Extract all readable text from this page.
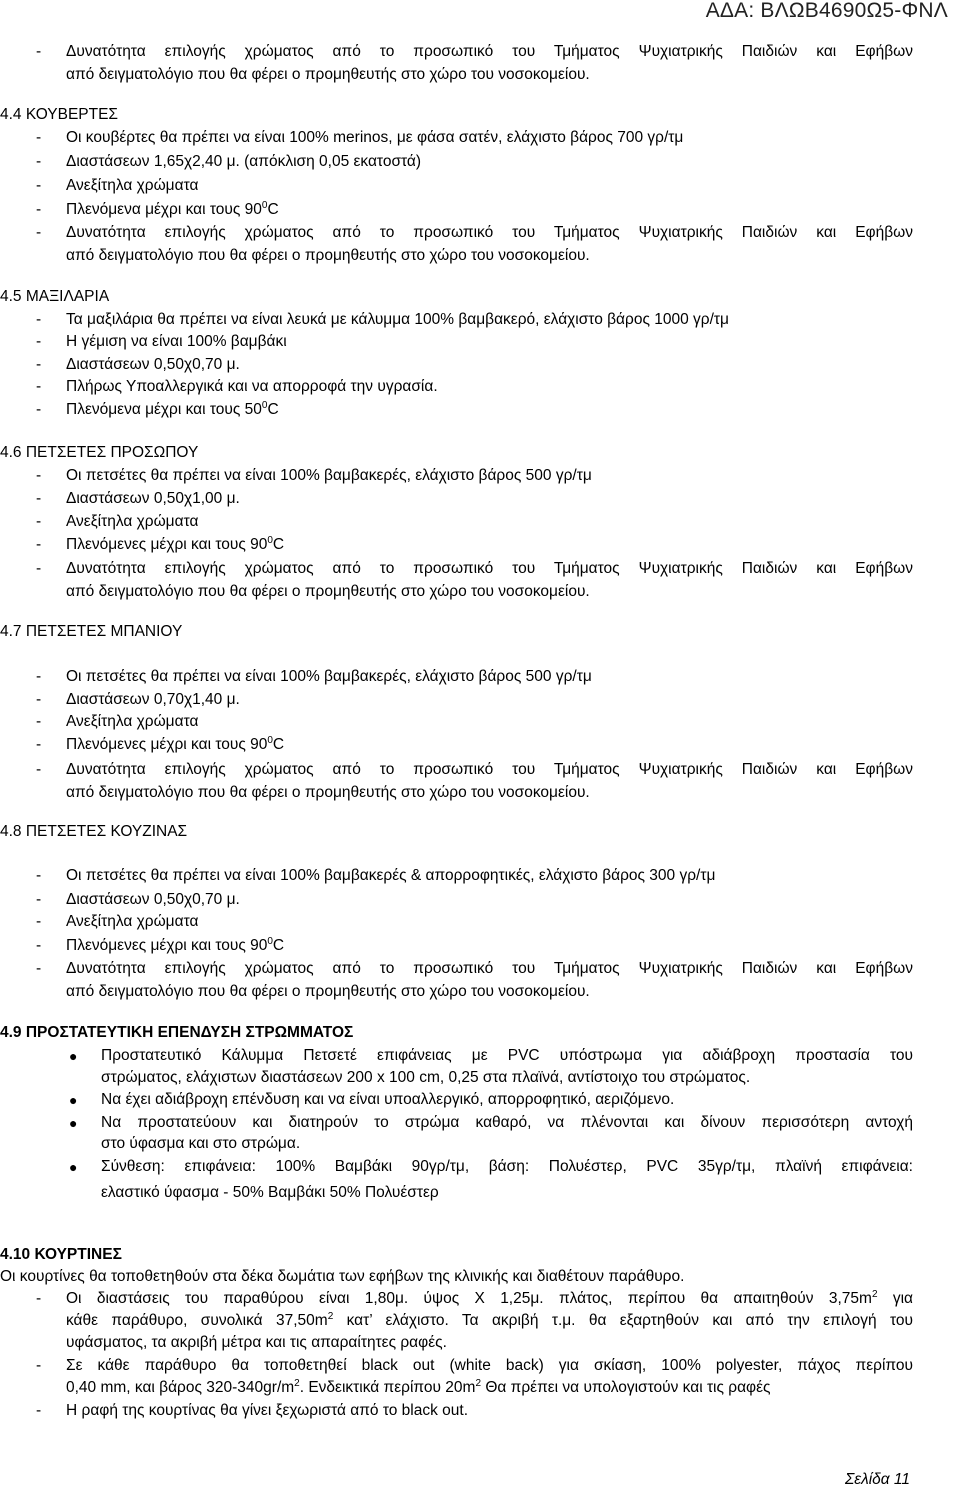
ΑΔΑ: ΒΛΩΒ4690Ω5-ΦΝΛ
- Δυνατότητα επιλογής χρώματος από το προσωπικό του Τμήματος Ψυχιατρικής Παιδιών και Εφήβων
από δειγματολόγιο που θα φέρει ο προμηθευτής στο χώρο του νοσοκομείου.
4.4 ΚΟΥΒΕΡΤΕΣ
- Οι κουβέρτες θα πρέπει να είναι 100% merinos, με φάσα σατέν, ελάχιστο βάρος 700 γρ/τμ
- Διαστάσεων 1,65χ2,40 μ. (απόκλιση 0,05 εκατοστά)
- Ανεξίτηλα χρώματα
- Πλενόμενα μέχρι και τους $90^0C$
- Δυνατότητα επιλογής χρώματος από το προσωπικό του Τμήματος Ψυχιατρικής Παιδιών και Εφήβων
από δειγματολόγιο που θα φέρει ο προμηθευτής στο χώρο του νοσοκομείου.
4.5 ΜΑΞΙΛΑΡΙΑ
- Τα μαξιλάρια θα πρέπει να είναι λευκά με κάλυμμα 100% βαμβακερό, ελάχιστο βάρος 1000 γρ/τμ
- Η γέμιση να είναι 100% βαμβάκι
- Διαστάσεων 0,50χ0,70 μ.
- Πλήρως Υποαλλεργικά και να απορροφά την υγρασία.
- Πλενόμενα μέχρι και τους $50^0C$
4.6 ΠΕΤΣΕΤΕΣ ΠΡΟΣΩΠΟΥ
- Οι πετσέτες θα πρέπει να είναι 100% βαμβακερές, ελάχιστο βάρος 500 γρ/τμ
- Διαστάσεων 0,50χ1,00 μ.
- Ανεξίτηλα χρώματα
- Πλενόμενες μέχρι και τους $90^0C$
- Δυνατότητα επιλογής χρώματος από το προσωπικό του Τμήματος Ψυχιατρικής Παιδιών και Εφήβων
από δειγματολόγιο που θα φέρει ο προμηθευτής στο χώρο του νοσοκομείου.
4.7 ΠΕΤΣΕΤΕΣ ΜΠΑΝΙΟΥ
- Οι πετσέτες θα πρέπει να είναι 100% βαμβακερές, ελάχιστο βάρος 500 γρ/τμ
- Διαστάσεων 0,70χ1,40 μ.
- Ανεξίτηλα χρώματα
- Πλενόμενες μέχρι και τους $90^0C$
- Δυνατότητα επιλογής χρώματος από το προσωπικό του Τμήματος Ψυχιατρικής Παιδιών και Εφήβων
από δειγματολόγιο που θα φέρει ο προμηθευτής στο χώρο του νοσοκομείου.
4.8 ΠΕΤΣΕΤΕΣ ΚΟΥΖΙΝΑΣ
- Οι πετσέτες θα πρέπει να είναι 100% βαμβακερές & απορροφητικές, ελάχιστο βάρος 300 γρ/τμ
- Διαστάσεων 0,50χ0,70 μ.
- Ανεξίτηλα χρώματα
- Πλενόμενες μέχρι και τους $90^0C$
- Δυνατότητα επιλογής χρώματος από το προσωπικό του Τμήματος Ψυχιατρικής Παιδιών και Εφήβων
από δειγματολόγιο που θα φέρει ο προμηθευτής στο χώρο του νοσοκομείου.
4.9 ΠΡΟΣΤΑΤΕΥΤΙΚΗ ΕΠΕΝΔΥΣΗ ΣΤΡΩΜΜΑΤΟΣ
● Προστατευτικό Κάλυμμα Πετσετέ επιφάνειας με PVC υπόστρωμα για αδιάβροχη προστασία του
στρώματος, ελάχιστων διαστάσεων 200 x 100 cm, 0,25 στα πλαϊνά, αντίστοιχο του στρώματος.
● Να έχει αδιάβροχη επένδυση και να είναι υποαλλεργικό, απορροφητικό, αεριζόμενο.
● Να προστατεύουν και διατηρούν το στρώμα καθαρό, να πλένονται και δίνουν περισσότερη αντοχή
στο ύφασμα και στο στρώμα.
● Σύνθεση: επιφάνεια: 100% Βαμβάκι 90γρ/τμ, βάση: Πολυέστερ, PVC 35γρ/τμ, πλαϊνή επιφάνεια:
ελαστικό ύφασμα - 50% Βαμβάκι 50% Πολυέστερ
4.10 ΚΟΥΡΤΙΝΕΣ
Οι κουρτίνες θα τοποθετηθούν στα δέκα δωμάτια των εφήβων της κλινικής και διαθέτουν παράθυρο.
- Οι διαστάσεις του παραθύρου είναι 1,80μ. ύψος Χ 1,25μ. πλάτος, περίπου θα απαιτηθούν $3,75m^2$ για
κάθε παράθυρο, συνολικά $37,50m^2$ κατ’ ελάχιστο. Τα ακριβή τ.μ. θα εξαρτηθούν και από την επιλογή του
υφάσματος, τα ακριβή μέτρα και τις απαραίτητες ραφές.
- Σε κάθε παράθυρο θα τοποθετηθεί black out (white back) για σκίαση, 100% polyester, πάχος περίπου
0,40 mm, και βάρος $320-340gr/m^2$. Ενδεικτικά περίπου $20m^2$ Θα πρέπει να υπολογιστούν και τις ραφές
- Η ραφή της κουρτίνας θα γίνει ξεχωριστά από το black out.
Σελίδα 11
